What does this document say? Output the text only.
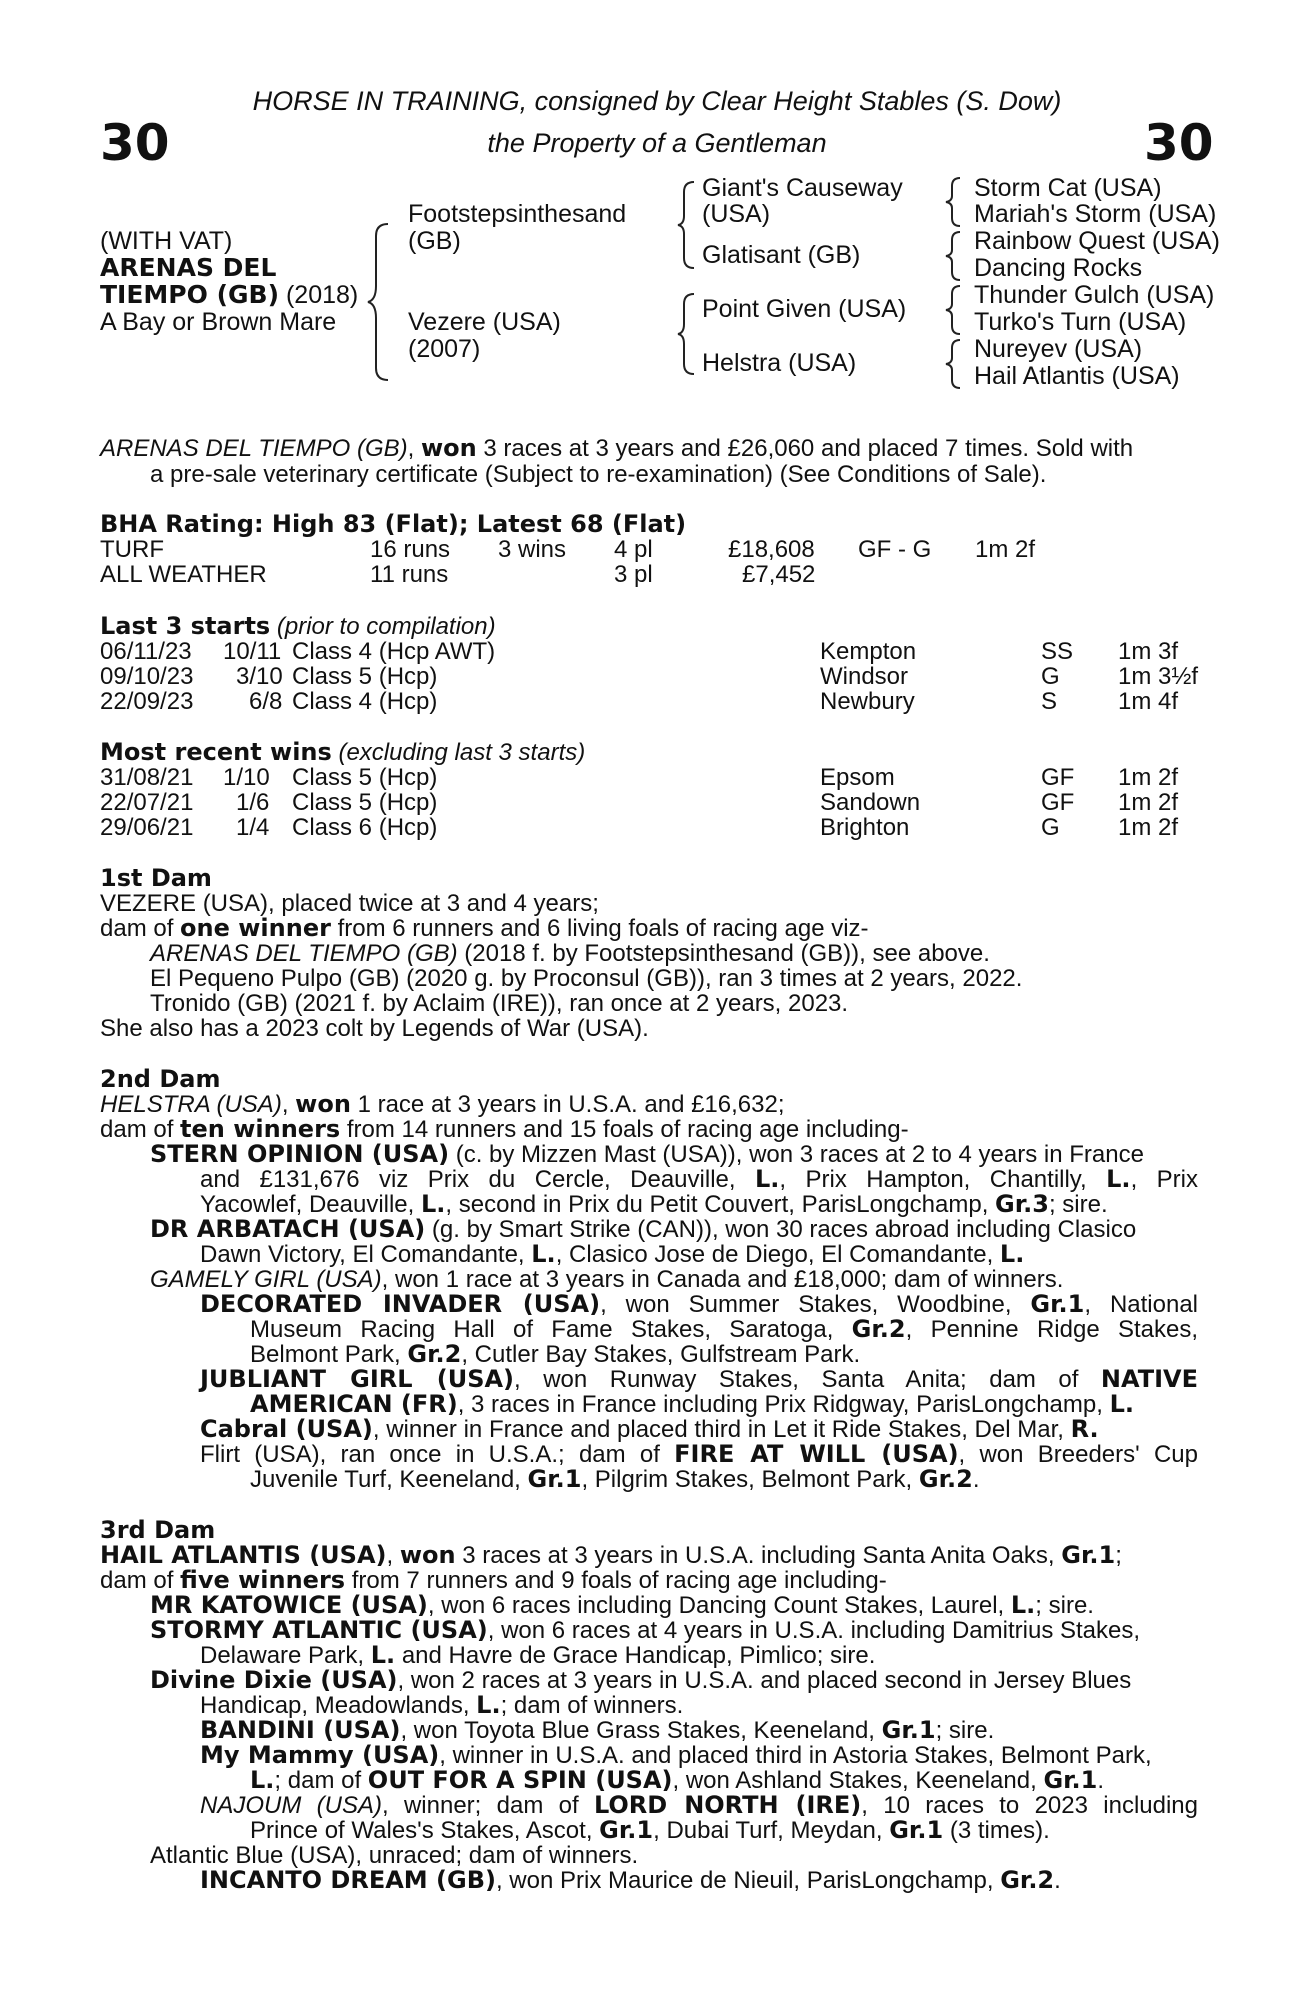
30	30
HORSE IN TRAINING, consigned by Clear Height Stables (S. Dow)
the Property of a Gentleman
(WITH VAT)
ARENAS DEL
TIEMPO (GB) (2018)
A Bay or Brown Mare
Footstepsinthesand
(GB)
Vezere (USA)
(2007)
Giant's Causeway
(USA)
Glatisant (GB)
Point Given (USA)
Helstra (USA)
Storm Cat (USA)
Mariah's Storm (USA)
Rainbow Quest (USA)
Dancing Rocks
Thunder Gulch (USA)
Turko's Turn (USA)
Nureyev (USA)
Hail Atlantis (USA)
ARENAS DEL TIEMPO (GB), won 3 races at 3 years and £26,060 and placed 7 times. Sold with
a pre-sale veterinary certificate (Subject to re-examination) (See Conditions of Sale).
BHA Rating: High 83 (Flat); Latest 68 (Flat)
TURF	16 runs 3 wins 4 pl	£18,608 GF - G 1m 2f
ALL WEATHER	11 runs	3 pl	£7,452
Last 3 starts (prior to compilation)
06/11/23 10/11 Class 4 (Hcp AWT)	Kempton	SS 1m 3f
09/10/23 3/10 Class 5 (Hcp)	Windsor	G 1m 3½f
22/09/23 6/8 Class 4 (Hcp)	Newbury	S	1m 4f
Most recent wins (excluding last 3 starts)
31/08/21 1/10 Class 5 (Hcp)	Epsom	GF 1m 2f
22/07/21 1/6 Class 5 (Hcp)	Sandown	GF 1m 2f
29/06/21 1/4 Class 6 (Hcp)	Brighton	G 1m 2f
1st Dam
VEZERE (USA), placed twice at 3 and 4 years;
dam of one winner from 6 runners and 6 living foals of racing age viz-
ARENAS DEL TIEMPO (GB) (2018 f. by Footstepsinthesand (GB)), see above.
El Pequeno Pulpo (GB) (2020 g. by Proconsul (GB)), ran 3 times at 2 years, 2022.
Tronido (GB) (2021 f. by Aclaim (IRE)), ran once at 2 years, 2023.
She also has a 2023 colt by Legends of War (USA).
2nd Dam
HELSTRA (USA), won 1 race at 3 years in U.S.A. and £16,632;
dam of ten winners from 14 runners and 15 foals of racing age including-
STERN OPINION (USA) (c. by Mizzen Mast (USA)), won 3 races at 2 to 4 years in France
and £131,676 viz Prix du Cercle, Deauville, L., Prix Hampton, Chantilly, L., Prix
Yacowlef, Deauville, L., second in Prix du Petit Couvert, ParisLongchamp, Gr.3; sire.
DR ARBATACH (USA) (g. by Smart Strike (CAN)), won 30 races abroad including Clasico
Dawn Victory, El Comandante, L., Clasico Jose de Diego, El Comandante, L.
GAMELY GIRL (USA), won 1 race at 3 years in Canada and £18,000; dam of winners.
DECORATED INVADER (USA), won Summer Stakes, Woodbine, Gr.1, National
Museum Racing Hall of Fame Stakes, Saratoga, Gr.2, Pennine Ridge Stakes,
Belmont Park, Gr.2, Cutler Bay Stakes, Gulfstream Park.
JUBLIANT GIRL (USA), won Runway Stakes, Santa Anita; dam of NATIVE
AMERICAN (FR), 3 races in France including Prix Ridgway, ParisLongchamp, L.
Cabral (USA), winner in France and placed third in Let it Ride Stakes, Del Mar, R.
Flirt (USA), ran once in U.S.A.; dam of FIRE AT WILL (USA), won Breeders' Cup
Juvenile Turf, Keeneland, Gr.1, Pilgrim Stakes, Belmont Park, Gr.2.
3rd Dam
HAIL ATLANTIS (USA), won 3 races at 3 years in U.S.A. including Santa Anita Oaks, Gr.1;
dam of five winners from 7 runners and 9 foals of racing age including-
MR KATOWICE (USA), won 6 races including Dancing Count Stakes, Laurel, L.; sire.
STORMY ATLANTIC (USA), won 6 races at 4 years in U.S.A. including Damitrius Stakes,
Delaware Park, L. and Havre de Grace Handicap, Pimlico; sire.
Divine Dixie (USA), won 2 races at 3 years in U.S.A. and placed second in Jersey Blues
Handicap, Meadowlands, L.; dam of winners.
BANDINI (USA), won Toyota Blue Grass Stakes, Keeneland, Gr.1; sire.
My Mammy (USA), winner in U.S.A. and placed third in Astoria Stakes, Belmont Park,
L.; dam of OUT FOR A SPIN (USA), won Ashland Stakes, Keeneland, Gr.1.
NAJOUM (USA), winner; dam of LORD NORTH (IRE), 10 races to 2023 including
Prince of Wales's Stakes, Ascot, Gr.1, Dubai Turf, Meydan, Gr.1 (3 times).
Atlantic Blue (USA), unraced; dam of winners.
INCANTO DREAM (GB), won Prix Maurice de Nieuil, ParisLongchamp, Gr.2.
